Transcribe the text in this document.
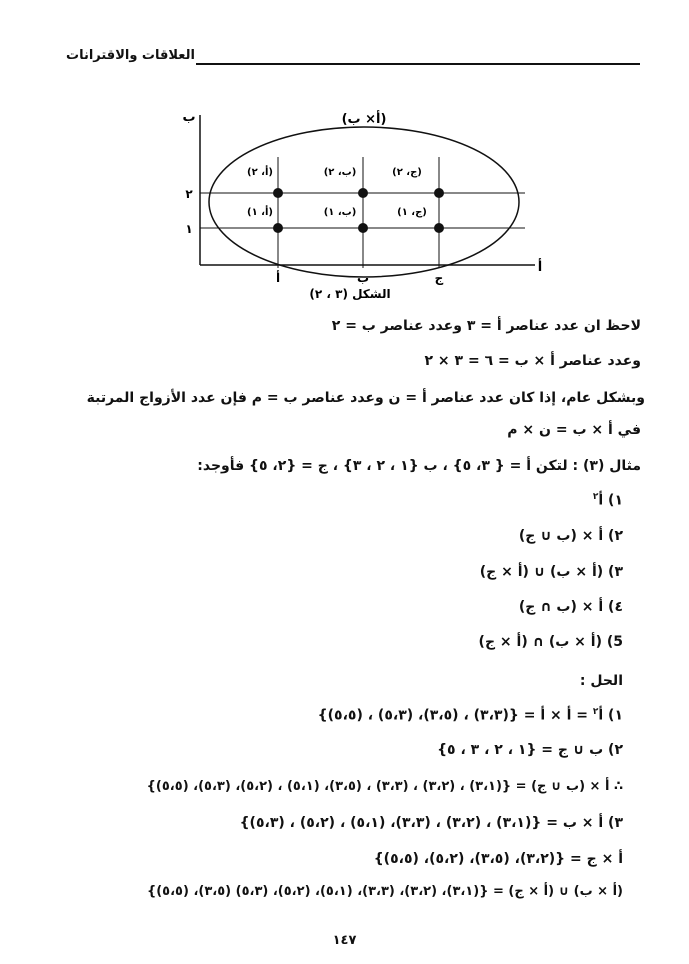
العلاقات والاقترانات
(أ× ب)
ب
أ
٢
١
أ	ب	ج
(أ، ٢)	(ب، ٢)	(ج، ٢)
(أ، ١)	(ب، ١)	(ج، ١)
الشكل (٣ ، ٢)
لاحظ ان عدد عناصر أ = ٣ وعدد عناصر ب = ٢
وعدد عناصر أ × ب = ٦ = ٣ × ٢
وبشكل عام، إذا كان عدد عناصر أ = ن وعدد عناصر ب = م فإن عدد الأزواج المرتبة
في أ × ب = ن × م
مثال (٣) : لتكن أ = { ٣، ٥} ، ب {١ ، ٢ ، ٣} ، ج = {٢، ٥} فأوجد:
١) أ$^٢$
٢) أ × (ب ∪ ج)
٣) (أ × ب) ∪ (أ × ج)
٤) أ × (ب ∩ ج)
5) (أ × ب) ∩ (أ × ج)
الحل :
١) أ$^٢$ = أ × أ = {(٣،٣) ، (٣،٥)، (٥،٣) ، (٥،٥)}
٢) ب ∪ ج = {١ ، ٢ ، ٣ ، ٥}
∴ أ × (ب ∪ ج) = {(٣،١) ، (٣،٢) ، (٣،٣) ، (٣،٥)، (٥،١) ، (٥،٢)، (٥،٣)، (٥،٥)}
٣) أ × ب = {(٣،١) ، (٣،٢) ، (٣،٣)، (٥،١) ، (٥،٢) ، (٥،٣)}
أ × ج = {(٣،٢)، (٣،٥)، (٥،٢)، (٥،٥)}
(أ × ب) ∪ (أ × ج) = {(٣،١)، (٣،٢)، (٣،٣)، (٥،١)، (٥،٢)، (٥،٣) (٣،٥)، (٥،٥)}
١٤٧
